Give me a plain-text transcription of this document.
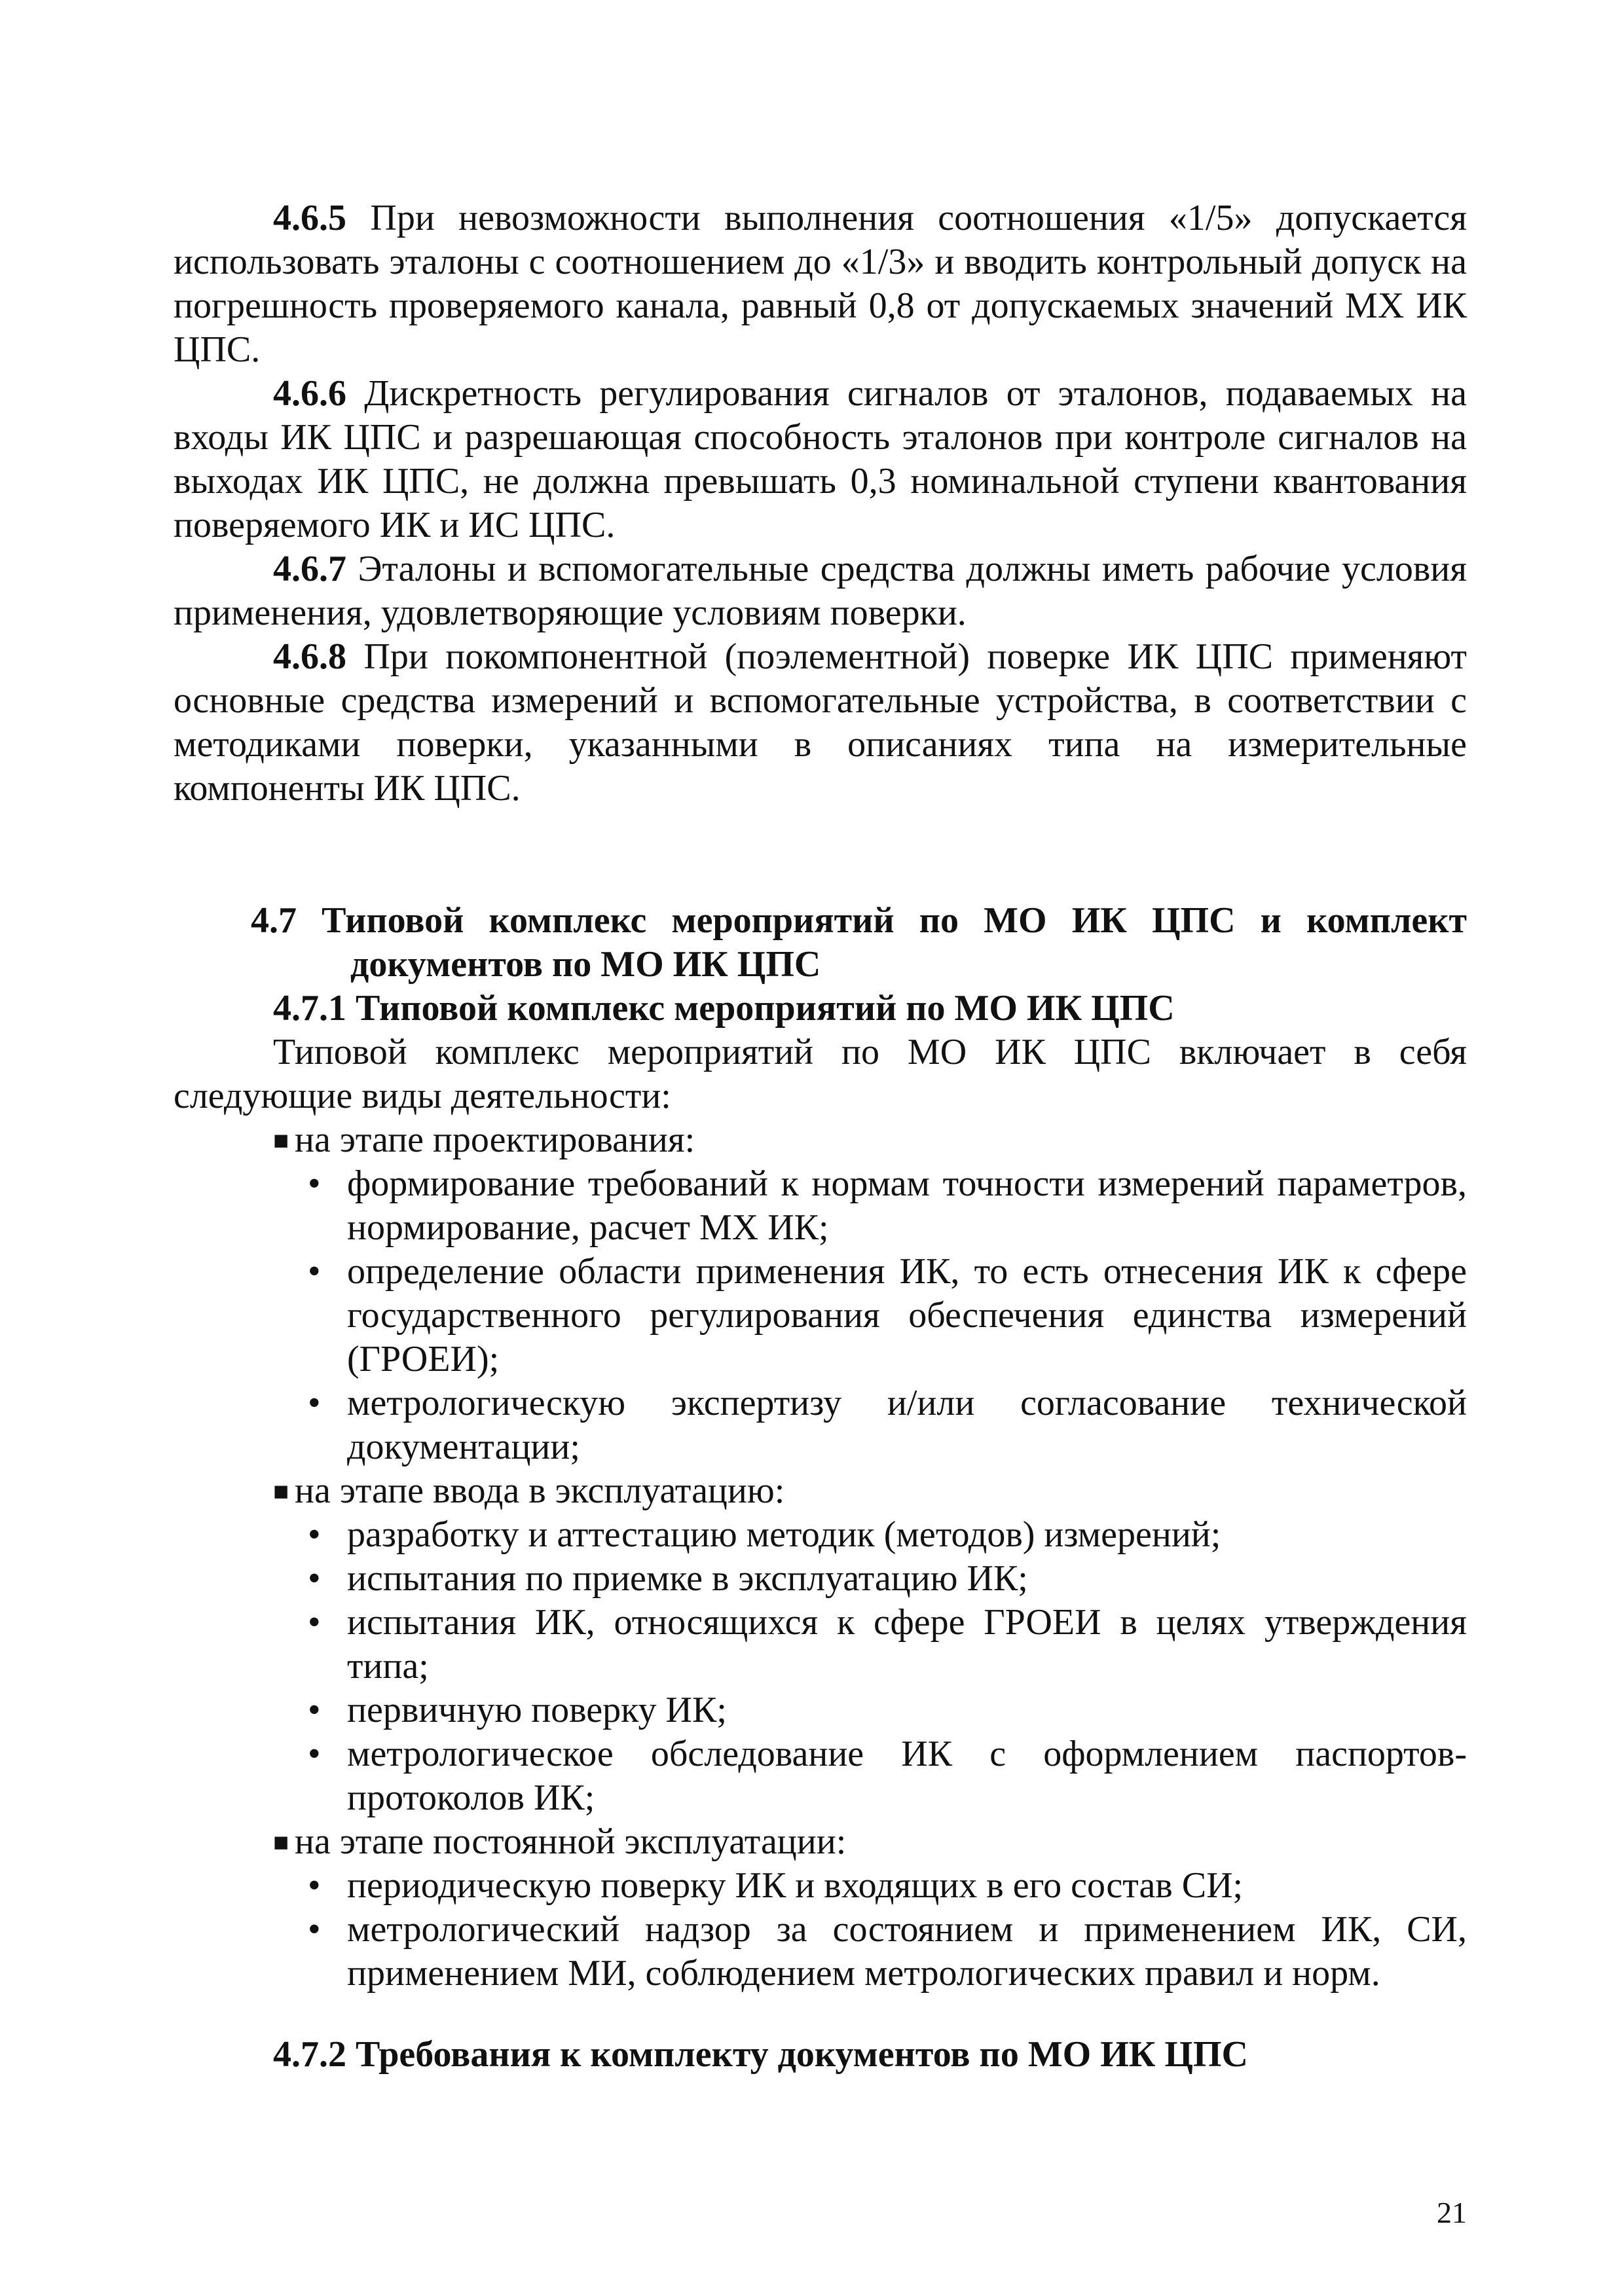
4.6.5 При невозможности выполнения соотношения «1/5» допускается использовать эталоны с соотношением до «1/3» и вводить контрольный допуск на погрешность проверяемого канала, равный 0,8 от допускаемых значений МХ ИК ЦПС.

4.6.6 Дискретность регулирования сигналов от эталонов, подаваемых на входы ИК ЦПС и разрешающая способность эталонов при контроле сигналов на выходах ИК ЦПС, не должна превышать 0,3 номинальной ступени квантования поверяемого ИК и ИС ЦПС.

4.6.7 Эталоны и вспомогательные средства должны иметь рабочие условия применения, удовлетворяющие условиям поверки.

4.6.8 При покомпонентной (поэлементной) поверке ИК ЦПС применяют основные средства измерений и вспомогательные устройства, в соответствии с методиками поверки, указанными в описаниях типа на измерительные компоненты ИК ЦПС.

4.7 Типовой комплекс мероприятий по МО ИК ЦПС и комплект документов по МО ИК ЦПС

4.7.1 Типовой комплекс мероприятий по МО ИК ЦПС

Типовой комплекс мероприятий по МО ИК ЦПС включает в себя следующие виды деятельности:

■ на этапе проектирования:

• формирование требований к нормам точности измерений параметров, нормирование, расчет МХ ИК;

• определение области применения ИК, то есть отнесения ИК к сфере государственного регулирования обеспечения единства измерений (ГРОЕИ);

• метрологическую экспертизу и/или согласование технической документации;

■ на этапе ввода в эксплуатацию:

• разработку и аттестацию методик (методов) измерений;

• испытания по приемке в эксплуатацию ИК;

• испытания ИК, относящихся к сфере ГРОЕИ в целях утверждения типа;

• первичную поверку ИК;

• метрологическое обследование ИК с оформлением паспортов-протоколов ИК;

■ на этапе постоянной эксплуатации:

• периодическую поверку ИК и входящих в его состав СИ;

• метрологический надзор за состоянием и применением ИК, СИ, применением МИ, соблюдением метрологических правил и норм.

4.7.2 Требования к комплекту документов по МО ИК ЦПС

21
